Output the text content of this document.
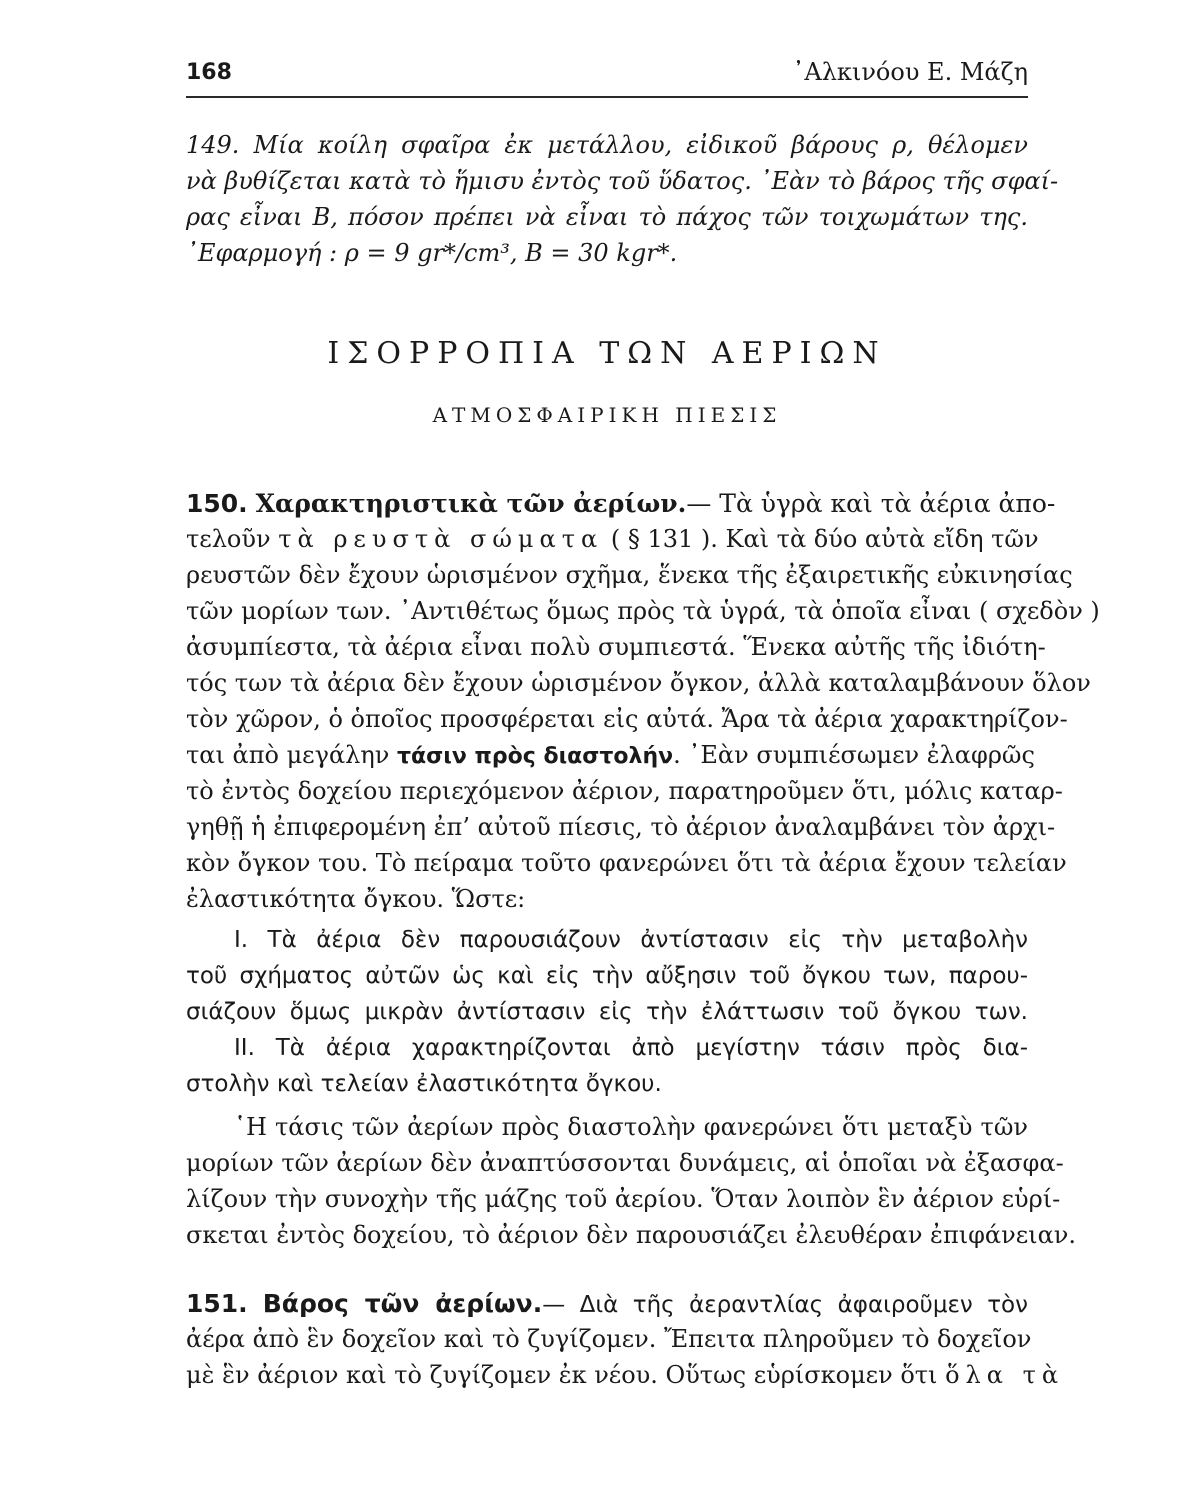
168	᾿Αλκινόου Ε. Μάζη
149. Μία κοίλη σφαῖρα ἐκ μετάλλου, εἰδικοῦ βάρους ρ, θέλομεν
νὰ βυθίζεται κατὰ τὸ ἥμισυ ἐντὸς τοῦ ὕδατος. ᾿Εὰν τὸ βάρος τῆς σφαί-
ρας εἶναι Β, πόσον πρέπει νὰ εἶναι τὸ πάχος τῶν τοιχωμάτων της.
᾿Εφαρμογή : ρ = 9 gr*/cm³, Β = 30 kgr*.
ΙΣΟΡΡΟΠΙΑ ΤΩΝ ΑΕΡΙΩΝ
ΑΤΜΟΣΦΑΙΡΙΚΗ ΠΙΕΣΙΣ
150. Χαρακτηριστικὰ τῶν ἀερίων.— Τὰ ὑγρὰ καὶ τὰ ἀέρια ἀπο-
τελοῦν τὰ ρευστὰ σώματα ( § 131 ). Καὶ τὰ δύο αὐτὰ εἴδη τῶν
ρευστῶν δὲν ἔχουν ὡρισμένον σχῆμα, ἕνεκα τῆς ἐξαιρετικῆς εὐκινησίας
τῶν μορίων των. ᾿Αντιθέτως ὅμως πρὸς τὰ ὑγρά, τὰ ὁποῖα εἶναι ( σχεδὸν )
ἀσυμπίεστα, τὰ ἀέρια εἶναι πολὺ συμπιεστά. Ἕνεκα αὐτῆς τῆς ἰδιότη-
τός των τὰ ἀέρια δὲν ἔχουν ὡρισμένον ὄγκον, ἀλλὰ καταλαμβάνουν ὅλον
τὸν χῶρον, ὁ ὁποῖος προσφέρεται εἰς αὐτά. Ἄρα τὰ ἀέρια χαρακτηρίζον-
ται ἀπὸ μεγάλην τάσιν πρὸς διαστολήν. ᾿Εὰν συμπιέσωμεν ἐλαφρῶς
τὸ ἐντὸς δοχείου περιεχόμενον ἀέριον, παρατηροῦμεν ὅτι, μόλις καταρ-
γηθῇ ἡ ἐπιφερομένη ἐπ’ αὐτοῦ πίεσις, τὸ ἀέριον ἀναλαμβάνει τὸν ἀρχι-
κὸν ὄγκον του. Τὸ πείραμα τοῦτο φανερώνει ὅτι τὰ ἀέρια ἔχουν τελείαν
ἐλαστικότητα ὄγκου. Ὥστε:
Ι. Τὰ ἀέρια δὲν παρουσιάζουν ἀντίστασιν εἰς τὴν μεταβολὴν
τοῦ σχήματος αὐτῶν ὡς καὶ εἰς τὴν αὔξησιν τοῦ ὄγκου των, παρου-
σιάζουν ὅμως μικρὰν ἀντίστασιν εἰς τὴν ἐλάττωσιν τοῦ ὄγκου των.
ΙΙ. Τὰ ἀέρια χαρακτηρίζονται ἀπὸ μεγίστην τάσιν πρὸς δια-
στολὴν καὶ τελείαν ἐλαστικότητα ὄγκου.
῾Η τάσις τῶν ἀερίων πρὸς διαστολὴν φανερώνει ὅτι μεταξὺ τῶν
μορίων τῶν ἀερίων δὲν ἀναπτύσσονται δυνάμεις, αἱ ὁποῖαι νὰ ἐξασφα-
λίζουν τὴν συνοχὴν τῆς μάζης τοῦ ἀερίου. Ὅταν λοιπὸν ἓν ἀέριον εὑρί-
σκεται ἐντὸς δοχείου, τὸ ἀέριον δὲν παρουσιάζει ἐλευθέραν ἐπιφάνειαν.
151. Βάρος τῶν ἀερίων.— Διὰ τῆς ἀεραντλίας ἀφαιροῦμεν τὸν
ἀέρα ἀπὸ ἓν δοχεῖον καὶ τὸ ζυγίζομεν. Ἔπειτα πληροῦμεν τὸ δοχεῖον
μὲ ἓν ἀέριον καὶ τὸ ζυγίζομεν ἐκ νέου. Οὕτως εὑρίσκομεν ὅτι ὅλα τὰ
